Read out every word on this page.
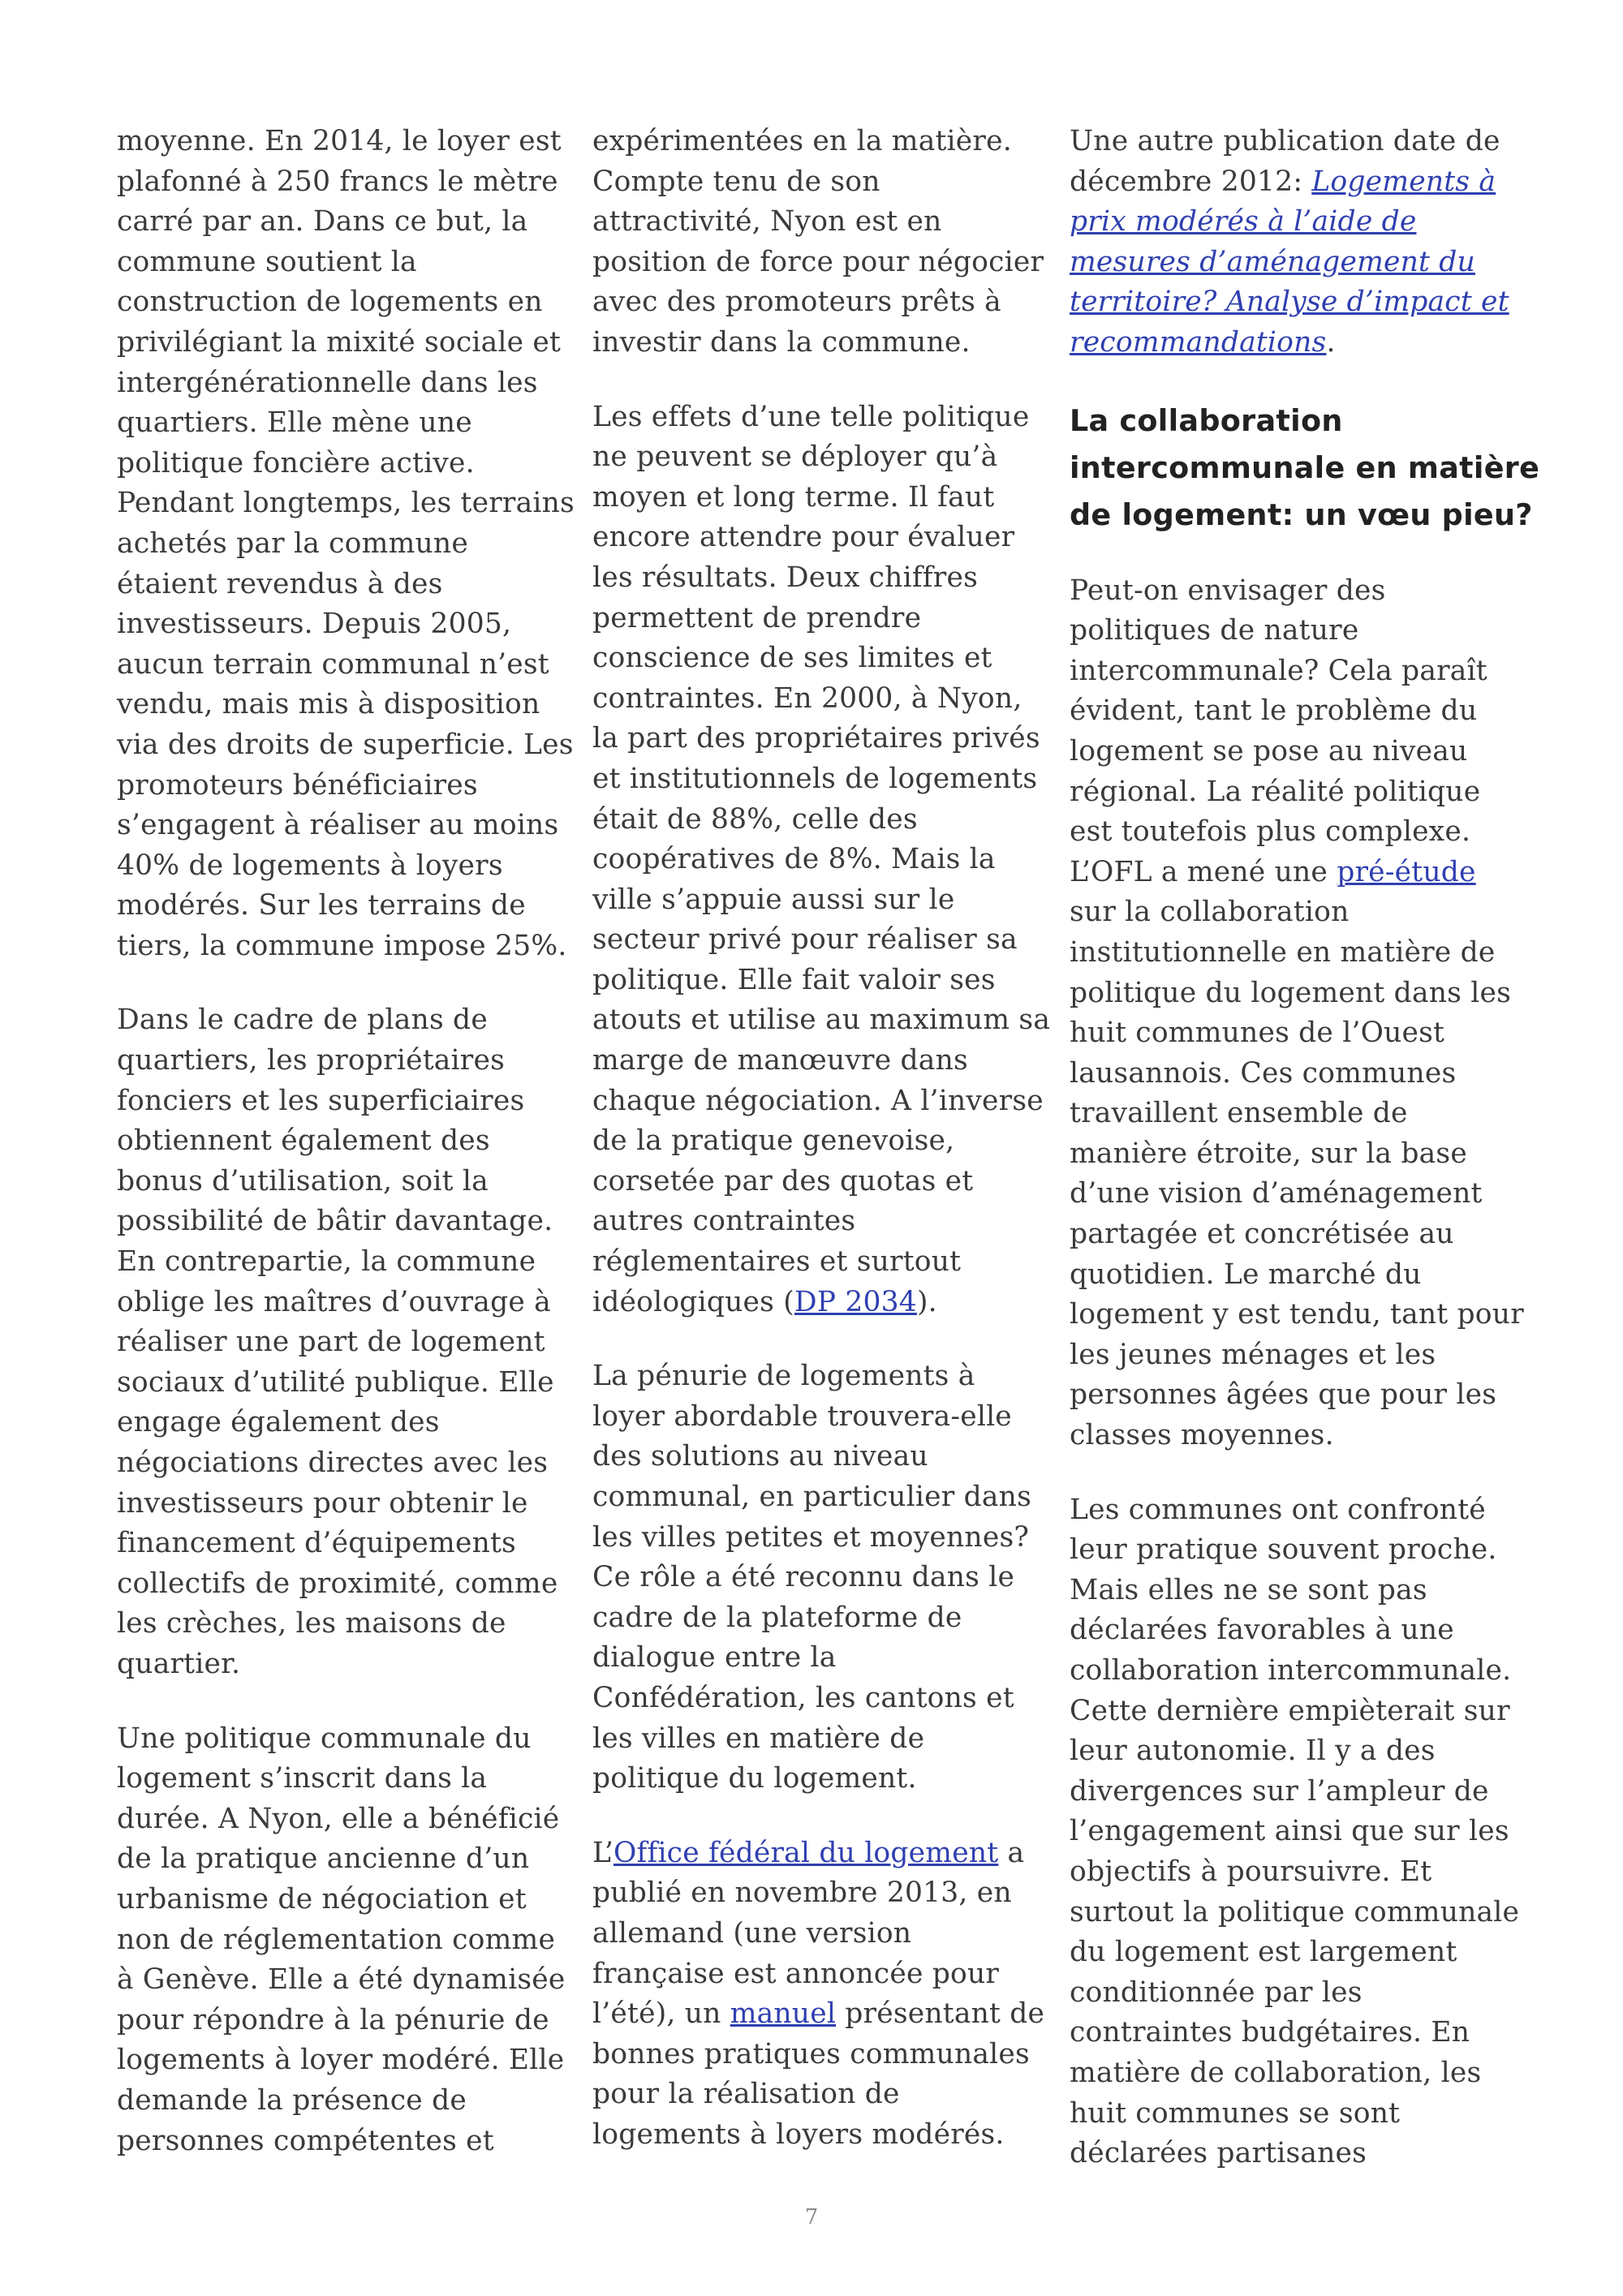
moyenne. En 2014, le loyer est
plafonné à 250 francs le mètre
carré par an. Dans ce but, la
commune soutient la
construction de logements en
privilégiant la mixité sociale et
intergénérationnelle dans les
quartiers. Elle mène une
politique foncière active.
Pendant longtemps, les terrains
achetés par la commune
étaient revendus à des
investisseurs. Depuis 2005,
aucun terrain communal n’est
vendu, mais mis à disposition
via des droits de superficie. Les
promoteurs bénéficiaires
s’engagent à réaliser au moins
40% de logements à loyers
modérés. Sur les terrains de
tiers, la commune impose 25%.

Dans le cadre de plans de
quartiers, les propriétaires
fonciers et les superficiaires
obtiennent également des
bonus d’utilisation, soit la
possibilité de bâtir davantage.
En contrepartie, la commune
oblige les maîtres d’ouvrage à
réaliser une part de logement
sociaux d’utilité publique. Elle
engage également des
négociations directes avec les
investisseurs pour obtenir le
financement d’équipements
collectifs de proximité, comme
les crèches, les maisons de
quartier.

Une politique communale du
logement s’inscrit dans la
durée. A Nyon, elle a bénéficié
de la pratique ancienne d’un
urbanisme de négociation et
non de réglementation comme
à Genève. Elle a été dynamisée
pour répondre à la pénurie de
logements à loyer modéré. Elle
demande la présence de
personnes compétentes et

expérimentées en la matière.
Compte tenu de son
attractivité, Nyon est en
position de force pour négocier
avec des promoteurs prêts à
investir dans la commune.

Les effets d’une telle politique
ne peuvent se déployer qu’à
moyen et long terme. Il faut
encore attendre pour évaluer
les résultats. Deux chiffres
permettent de prendre
conscience de ses limites et
contraintes. En 2000, à Nyon,
la part des propriétaires privés
et institutionnels de logements
était de 88%, celle des
coopératives de 8%. Mais la
ville s’appuie aussi sur le
secteur privé pour réaliser sa
politique. Elle fait valoir ses
atouts et utilise au maximum sa
marge de manœuvre dans
chaque négociation. A l’inverse
de la pratique genevoise,
corsetée par des quotas et
autres contraintes
réglementaires et surtout
idéologiques (DP 2034).

La pénurie de logements à
loyer abordable trouvera-elle
des solutions au niveau
communal, en particulier dans
les villes petites et moyennes?
Ce rôle a été reconnu dans le
cadre de la plateforme de
dialogue entre la
Confédération, les cantons et
les villes en matière de
politique du logement.

L’Office fédéral du logement a
publié en novembre 2013, en
allemand (une version
française est annoncée pour
l’été), un manuel présentant de
bonnes pratiques communales
pour la réalisation de
logements à loyers modérés.

Une autre publication date de
décembre 2012: Logements à
prix modérés à l’aide de
mesures d’aménagement du
territoire? Analyse d’impact et
recommandations.

La collaboration
intercommunale en matière
de logement: un vœu pieu?

Peut-on envisager des
politiques de nature
intercommunale? Cela paraît
évident, tant le problème du
logement se pose au niveau
régional. La réalité politique
est toutefois plus complexe.
L’OFL a mené une pré-étude
sur la collaboration
institutionnelle en matière de
politique du logement dans les
huit communes de l’Ouest
lausannois. Ces communes
travaillent ensemble de
manière étroite, sur la base
d’une vision d’aménagement
partagée et concrétisée au
quotidien. Le marché du
logement y est tendu, tant pour
les jeunes ménages et les
personnes âgées que pour les
classes moyennes.

Les communes ont confronté
leur pratique souvent proche.
Mais elles ne se sont pas
déclarées favorables à une
collaboration intercommunale.
Cette dernière empièterait sur
leur autonomie. Il y a des
divergences sur l’ampleur de
l’engagement ainsi que sur les
objectifs à poursuivre. Et
surtout la politique communale
du logement est largement
conditionnée par les
contraintes budgétaires. En
matière de collaboration, les
huit communes se sont
déclarées partisanes

7
